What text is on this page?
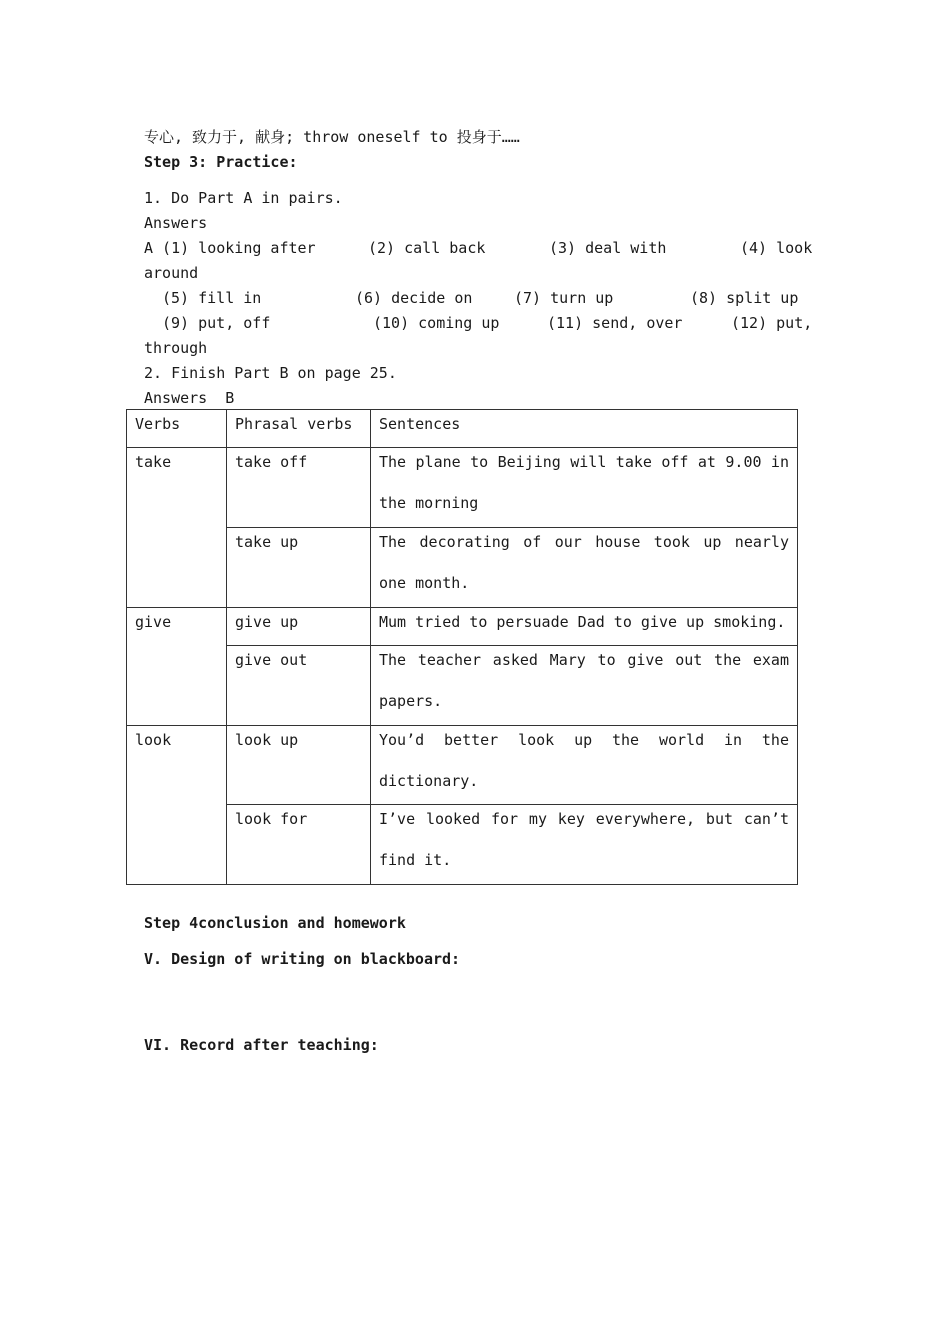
专心, 致力于, 献身; throw oneself to 投身于……
Step 3: Practice:
1. Do Part A in pairs.
Answers

A (1) looking after

	(2) call back

	(3) deal with

	(4) look

around

(5) fill in

	(6) decide on

	(7) turn up

	(8) split up

(9) put, off

	(10) coming up

	(11) send, over

	(12) put,

through
2. Finish Part B on page 25.
Answers  B
Verbs	Phrasal verbs	Sentences

take	take off	The plane to Beijing will take off at 9.00 in the morning

	take up	The decorating of our house took up nearly one month.

give	give up	Mum tried to persuade Dad to give up smoking.

	give out	The teacher asked Mary to give out the exam papers.

look	look up	You’d better look up the world in the dictionary.

	look for	I’ve looked for my key everywhere, but can’t find it.
Step 4conclusion and homework
V. Design of writing on blackboard:
VI. Record after teaching:
